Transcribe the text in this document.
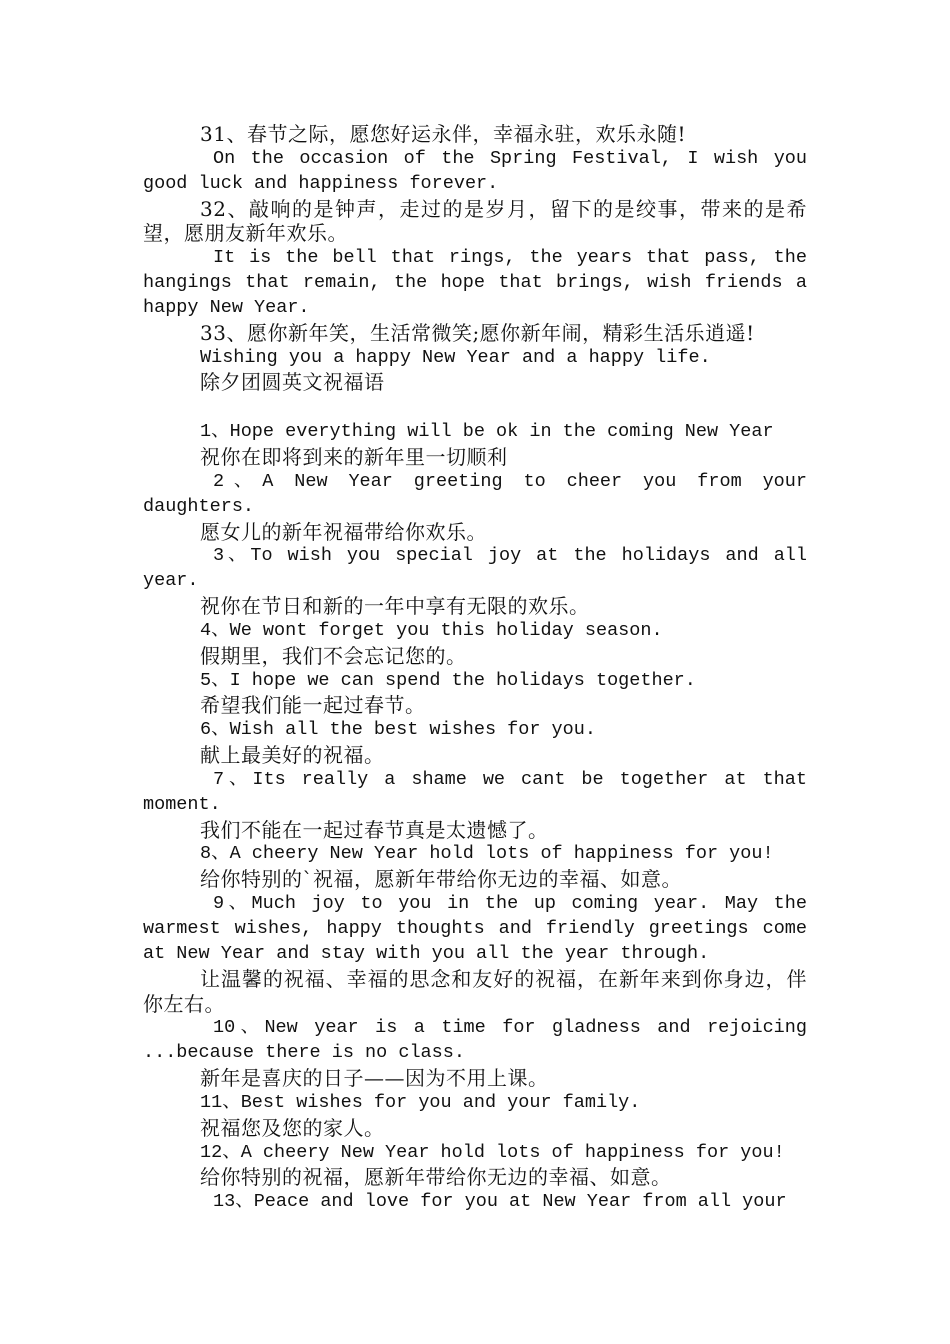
31、春节之际，愿您好运永伴，幸福永驻，欢乐永随!

On the occasion of the Spring Festival, I wish you good luck and happiness forever.

32、敲响的是钟声，走过的是岁月，留下的是绞事，带来的是希望，愿朋友新年欢乐。

It is the bell that rings, the years that pass, the hangings that remain, the hope that brings, wish friends a happy New Year.

33、愿你新年笑，生活常微笑;愿你新年闹，精彩生活乐逍遥!

Wishing you a happy New Year and a happy life.

除夕团圆英文祝福语

1、Hope everything will be ok in the coming New Year

祝你在即将到来的新年里一切顺利

2、A New Year greeting to cheer you from your daughters.

愿女儿的新年祝福带给你欢乐。

3、To wish you special joy at the holidays and all year.

祝你在节日和新的一年中享有无限的欢乐。

4、We wont forget you this holiday season.

假期里，我们不会忘记您的。

5、I hope we can spend the holidays together.

希望我们能一起过春节。

6、Wish all the best wishes for you.

献上最美好的祝福。

7、Its really a shame we cant be together at that moment.

我们不能在一起过春节真是太遗憾了。

8、A cheery New Year hold lots of happiness for you!

给你特别的`祝福，愿新年带给你无边的幸福、如意。

9、Much joy to you in the up coming year. May the warmest wishes, happy thoughts and friendly greetings come at New Year and stay with you all the year through.

让温馨的祝福、幸福的思念和友好的祝福，在新年来到你身边，伴你左右。

10、New year is a time for gladness and rejoicing ...because there is no class.

新年是喜庆的日子——因为不用上课。

11、Best wishes for you and your family.

祝福您及您的家人。

12、A cheery New Year hold lots of happiness for you!

给你特别的祝福，愿新年带给你无边的幸福、如意。

13、Peace and love for you at New Year from all your
